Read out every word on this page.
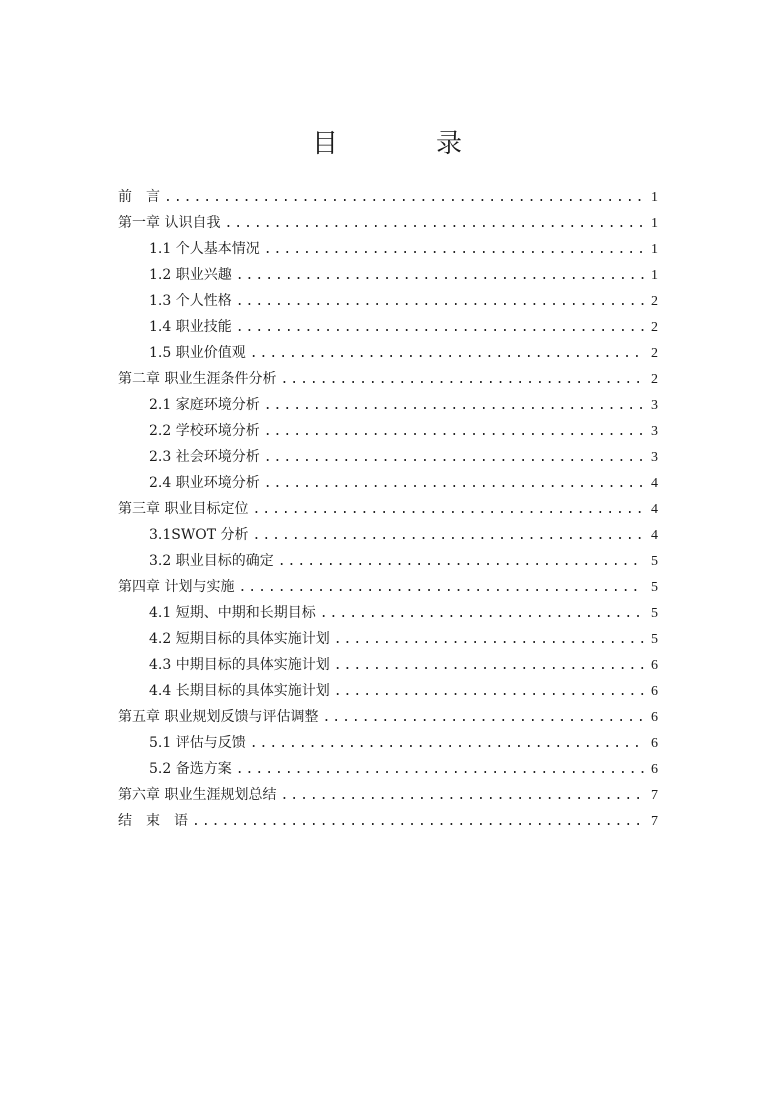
目　录
前　言 .....	1
第一章 认识自我 .....	1
1.1 个人基本情况 .....	1
1.2 职业兴趣 .....	1
1.3 个人性格 .....	2
1.4 职业技能 .....	2
1.5 职业价值观 .....	2
第二章 职业生涯条件分析 .....	2
2.1 家庭环境分析 .....	3
2.2 学校环境分析 .....	3
2.3 社会环境分析 .....	3
2.4 职业环境分析 .....	4
第三章 职业目标定位 .....	4
3.1SWOT 分析 .....	4
3.2 职业目标的确定 .....	5
第四章 计划与实施 .....	5
4.1 短期、中期和长期目标 .....	5
4.2 短期目标的具体实施计划 .....	5
4.3 中期目标的具体实施计划 .....	6
4.4 长期目标的具体实施计划 .....	6
第五章 职业规划反馈与评估调整 .....	6
5.1 评估与反馈 .....	6
5.2 备选方案 .....	6
第六章 职业生涯规划总结 .....	7
结　束　语 .....	7
